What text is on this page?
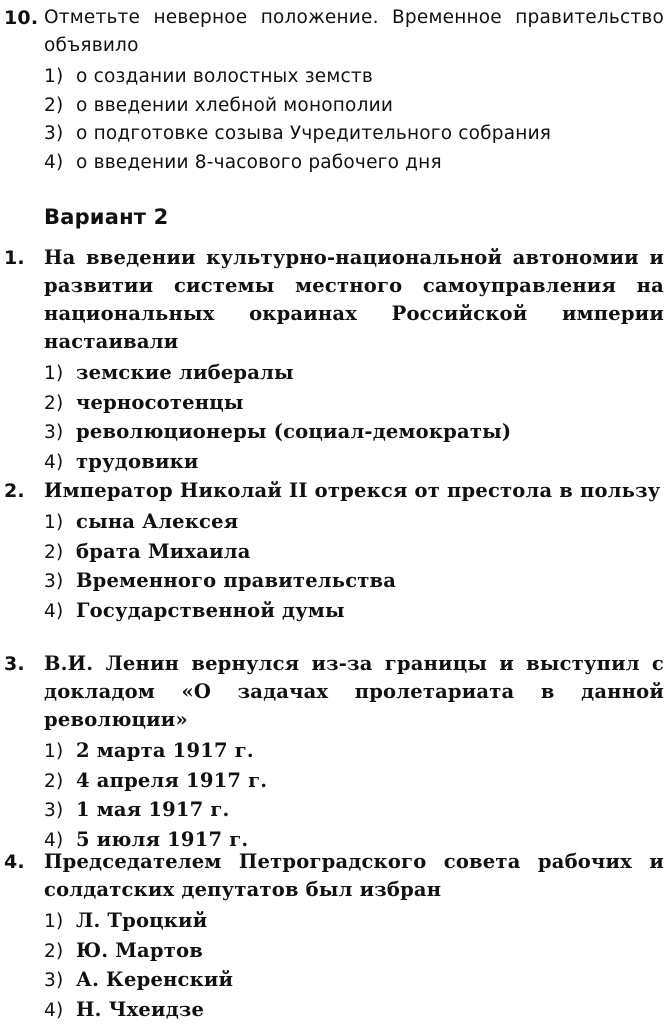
10. Отметьте неверное положение. Временное правительство объявило
1) о создании волостных земств
2) о введении хлебной монополии
3) о подготовке созыва Учредительного собрания
4) о введении 8-часового рабочего дня
Вариант 2
1. На введении культурно-национальной автономии и развитии системы местного самоуправления на национальных окраинах Российской империи настаивали
1) земские либералы
2) черносотенцы
3) революционеры (социал-демократы)
4) трудовики
2. Император Николай II отрекся от престола в пользу
1) сына Алексея
2) брата Михаила
3) Временного правительства
4) Государственной думы
3. В.И. Ленин вернулся из-за границы и выступил с докладом «О задачах пролетариата в данной революции»
1) 2 марта 1917 г.
2) 4 апреля 1917 г.
3) 1 мая 1917 г.
4) 5 июля 1917 г.
4. Председателем Петроградского совета рабочих и солдатских депутатов был избран
1) Л. Троцкий
2) Ю. Мартов
3) А. Керенский
4) Н. Чхеидзе
